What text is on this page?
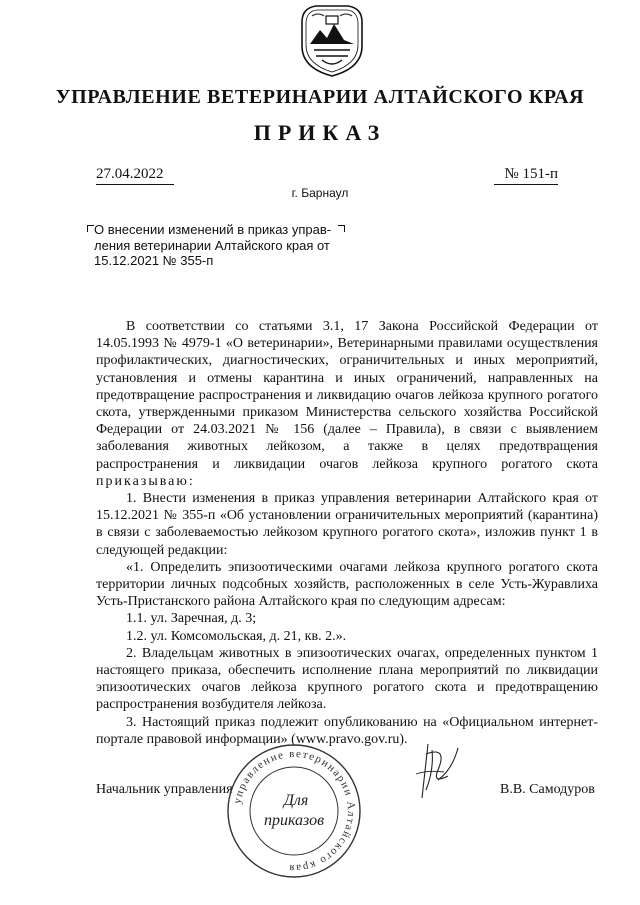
УПРАВЛЕНИЕ ВЕТЕРИНАРИИ АЛТАЙСКОГО КРАЯ
ПРИКАЗ
27.04.2022	№ 151-п
г. Барнаул
О внесении изменений в приказ управ-
ления ветеринарии Алтайского края от
15.12.2021 № 355-п

В соответствии со статьями 3.1, 17 Закона Российской Федерации от 14.05.1993 № 4979-1 «О ветеринарии», Ветеринарными правилами осуществления профилактических, диагностических, ограничительных и иных мероприятий, установления и отмены карантина и иных ограничений, направленных на предотвращение распространения и ликвидацию очагов лейкоза крупного рогатого скота, утвержденными приказом Министерства сельского хозяйства Российской Федерации от 24.03.2021 № 156 (далее – Правила), в связи с выявлением заболевания животных лейкозом, а также в целях предотвращения распространения и ликвидации очагов лейкоза крупного рогатого скота приказываю:

1. Внести изменения в приказ управления ветеринарии Алтайского края от 15.12.2021 № 355-п «Об установлении ограничительных мероприятий (карантина) в связи с заболеваемостью лейкозом крупного рогатого скота», изложив пункт 1 в следующей редакции:

«1. Определить эпизоотическими очагами лейкоза крупного рогатого скота территории личных подсобных хозяйств, расположенных в селе Усть-Журавлиха Усть-Пристанского района Алтайского края по следующим адресам:

1.1. ул. Заречная, д. 3;

1.2. ул. Комсомольская, д. 21, кв. 2.».

2. Владельцам животных в эпизоотических очагах, определенных пунктом 1 настоящего приказа, обеспечить исполнение плана мероприятий по ликвидации эпизоотических очагов лейкоза крупного рогатого скота и предотвращению распространения возбудителя лейкоза.

3. Настоящий приказ подлежит опубликованию на «Официальном интернет-портале правовой информации» (www.pravo.gov.ru).

Начальник управления	В.В. Самодуров
управление ветеринарии Алтайского края
Для
приказов
